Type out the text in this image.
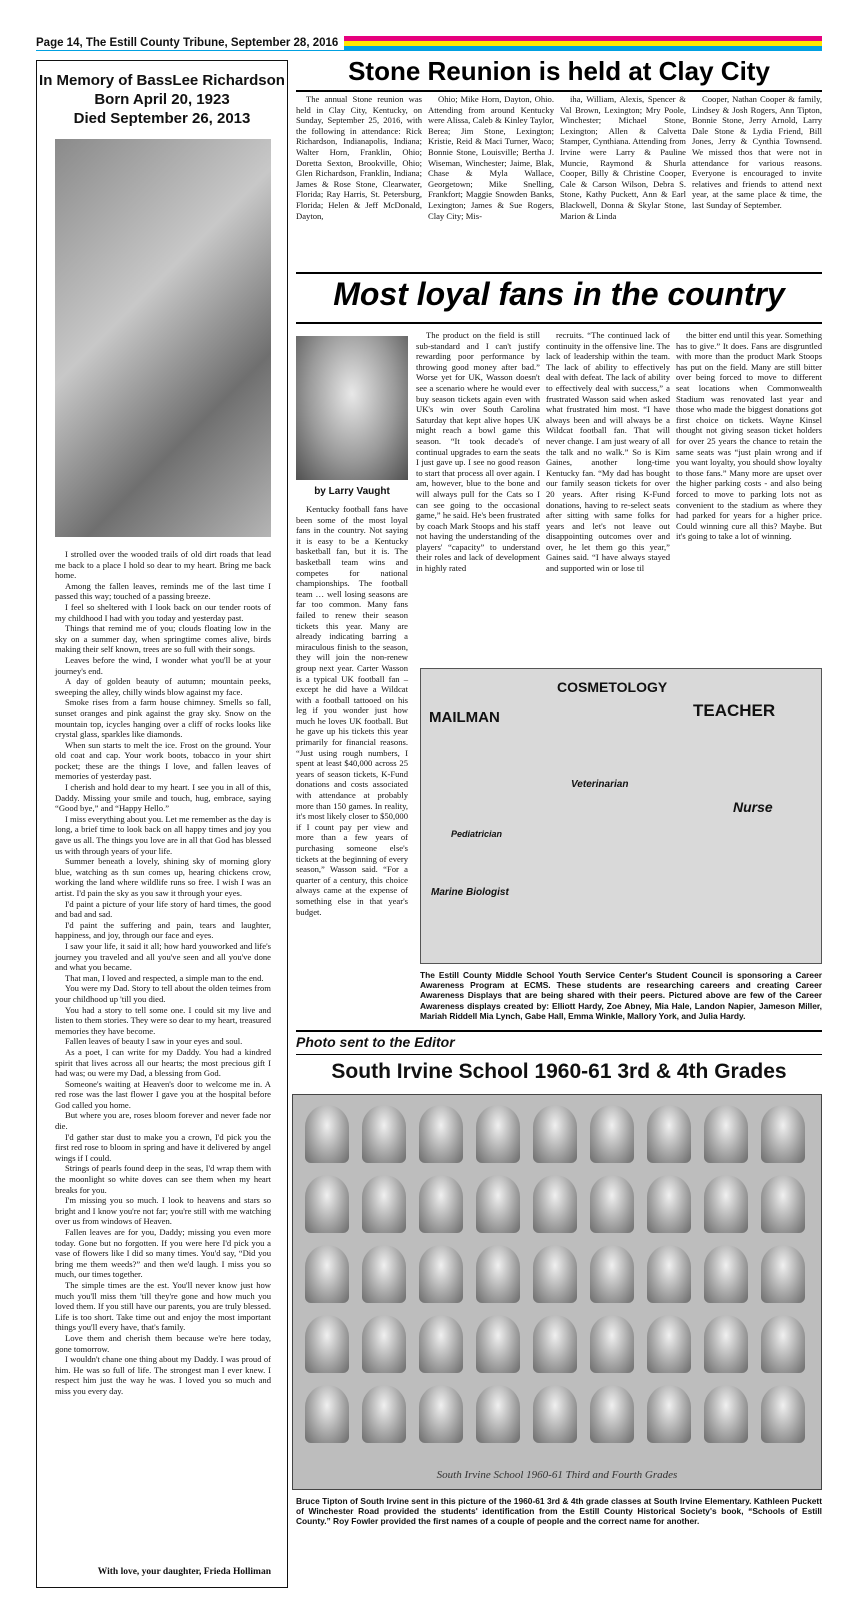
Page 14, The Estill County Tribune, September 28, 2016
In Memory of BassLee Richardson
Born April 20, 1923
Died September 26, 2013

I strolled over the wooded trails of old dirt roads that lead me back to a place I hold so dear to my heart. Bring me back home.

Among the fallen leaves, reminds me of the last time I passed this way; touched of a passing breeze.

I feel so sheltered with I look back on our tender roots of my childhood I had with you today and yesterday past.

Things that remind me of you; clouds floating low in the sky on a summer day, when springtime comes alive, birds making their self known, trees are so full with their songs.

Leaves before the wind, I wonder what you'll be at your journey's end.

A day of golden beauty of autumn; mountain peeks, sweeping the alley, chilly winds blow against my face.

Smoke rises from a farm house chimney. Smells so fall, sunset oranges and pink against the gray sky. Snow on the mountain top, icycles hanging over a cliff of rocks looks like crystal glass, sparkles like diamonds.

When sun starts to melt the ice. Frost on the ground. Your old coat and cap. Your work boots, tobacco in your shirt pocket; these are the things I love, and fallen leaves of memories of yesterday past.

I cherish and hold dear to my heart. I see you in all of this, Daddy. Missing your smile and touch, hug, embrace, saying “Good bye,” and “Happy Hello.”

I miss everything about you. Let me remember as the day is long, a brief time to look back on all happy times and joy you gave us all. The things you love are in all that God has blessed us with through years of your life.

Summer beneath a lovely, shining sky of morning glory blue, watching as th sun comes up, hearing chickens crow, working the land where wildlife runs so free. I wish I was an artist. I'd pain the sky as you saw it through your eyes.

I'd paint a picture of your life story of hard times, the good and bad and sad.

I'd paint the suffering and pain, tears and laughter, happiness, and joy, through our face and eyes.

I saw your life, it said it all; how hard youworked and life's journey you traveled and all you've seen and all you've done and what you became.

That man, I loved and respected, a simple man to the end.

You were my Dad. Story to tell about the olden teimes from your childhood up 'till you died.

You had a story to tell some one. I could sit my live and listen to them stories. They were so dear to my heart, treasured memories they have become.

Fallen leaves of beauty I saw in your eyes and soul.

As a poet, I can write for my Daddy. You had a kindred spirit that lives across all our hearts; the most precious gift I had was; ou were my Dad, a blessing from God.

Someone's waiting at Heaven's door to welcome me in. A red rose was the last flower I gave you at the hospital before God called you home.

But where you are, roses bloom forever and never fade nor die.

I'd gather star dust to make you a crown, I'd pick you the first red rose to bloom in spring and have it delivered by angel wings if I could.

Strings of pearls found deep in the seas, I'd wrap them with the moonlight so white doves can see them when my heart breaks for you.

I'm missing you so much. I look to heavens and stars so bright and I know you're not far; you're still with me watching over us from windows of Heaven.

Fallen leaves are for you, Daddy; missing you even more today. Gone but no forgotten. If you were here I'd pick you a vase of flowers like I did so many times. You'd say, “Did you bring me them weeds?” and then we'd laugh. I miss you so much, our times together.

The simple times are the est. You'll never know just how much you'll miss them 'till they're gone and how much you loved them. If you still have our parents, you are truly blessed. Life is too short. Take time out and enjoy the most important things you'll every have, that's family.

Love them and cherish them because we're here today, gone tomorrow.

I wouldn't chane one thing about my Daddy. I was proud of him. He was so full of life. The strongest man I ever knew. I respect him just the way he was. I loved you so much and miss you every day.

With love, your daughter, Frieda Holliman
Stone Reunion is held at Clay City

The annual Stone reunion was held in Clay City, Kentucky, on Sunday, September 25, 2016, with the following in attendance: Rick Richardson, Indianapolis, Indiana; Walter Horn, Franklin, Ohio; Doretta Sexton, Brookville, Ohio; Glen Richardson, Franklin, Indiana; James & Rose Stone, Clearwater, Florida; Ray Harris, St. Petersburg, Florida; Helen & Jeff McDonald, Dayton,

Ohio; Mike Horn, Dayton, Ohio. Attending from around Kentucky were Alissa, Caleb & Kinley Taylor, Berea; Jim Stone, Lexington; Kristie, Reid & Maci Turner, Waco; Bonnie Stone, Louisville; Bertha J. Wiseman, Winchester; Jaime, Blak, Chase & Myla Wallace, Georgetown; Mike Snelling, Frankfort; Maggie Snowden Banks, Lexington; James & Sue Rogers, Clay City; Mis-

iha, William, Alexis, Spencer & Val Brown, Lexington; Mry Poole, Winchester; Michael Stone, Lexington; Allen & Calvetta Stamper, Cynthiana. Attending from Irvine were Larry & Pauline Muncie, Raymond & Shurla Cooper, Billy & Christine Cooper, Cale & Carson Wilson, Debra S. Stone, Kathy Puckett, Ann & Earl Blackwell, Donna & Skylar Stone, Marion & Linda

Cooper, Nathan Cooper & family, Lindsey & Josh Rogers, Ann Tipton, Bonnie Stone, Jerry Arnold, Larry Dale Stone & Lydia Friend, Bill Jones, Jerry & Cynthia Townsend. We missed thos that were not in attendance for various reasons. Everyone is encouraged to invite relatives and friends to attend next year, at the same place & time, the last Sunday of September.

Most loyal fans in the country
by Larry Vaught

Kentucky football fans have been some of the most loyal fans in the country. Not saying it is easy to be a Kentucky basketball fan, but it is. The basketball team wins and competes for national championships. The football team … well losing seasons are far too common. Many fans failed to renew their season tickets this year. Many are already indicating barring a miraculous finish to the season, they will join the non-renew group next year. Carter Wasson is a typical UK football fan – except he did have a Wildcat with a football tattooed on his leg if you wonder just how much he loves UK football. But he gave up his tickets this year primarily for financial reasons. “Just using rough numbers, I spent at least $40,000 across 25 years of season tickets, K-Fund donations and costs associated with attendance at probably more than 150 games. In reality, it's most likely closer to $50,000 if I count pay per view and more than a few years of purchasing someone else's tickets at the beginning of every season,” Wasson said. “For a quarter of a century, this choice always came at the expense of something else in that year's budget.

The product on the field is still sub-standard and I can't justify rewarding poor performance by throwing good money after bad.” Worse yet for UK, Wasson doesn't see a scenario where he would ever buy season tickets again even with UK's win over South Carolina Saturday that kept alive hopes UK might reach a bowl game this season. “It took decade's of continual upgrades to earn the seats I just gave up. I see no good reason to start that process all over again. I am, however, blue to the bone and will always pull for the Cats so I can see going to the occasional game,” he said. He's been frustrated by coach Mark Stoops and his staff not having the understanding of the players' “capacity” to understand their roles and lack of development in highly rated

recruits. “The continued lack of continuity in the offensive line. The lack of leadership within the team. The lack of ability to effectively deal with defeat. The lack of ability to effectively deal with success,” a frustrated Wasson said when asked what frustrated him most. “I have always been and will always be a Wildcat football fan. That will never change. I am just weary of all the talk and no walk.” So is Kim Gaines, another long-time Kentucky fan. “My dad has bought our family season tickets for over 20 years. After rising K-Fund donations, having to re-select seats after sitting with same folks for years and let's not leave out disappointing outcomes over and over, he let them go this year,” Gaines said. “I have always stayed and supported win or lose til

the bitter end until this year. Something has to give.” It does. Fans are disgruntled with more than the product Mark Stoops has put on the field. Many are still bitter over being forced to move to different seat locations when Commonwealth Stadium was renovated last year and those who made the biggest donations got first choice on tickets. Wayne Kinsel thought not giving season ticket holders for over 25 years the chance to retain the same seats was “just plain wrong and if you want loyalty, you should show loyalty to those fans.” Many more are upset over the higher parking costs - and also being forced to move to parking lots not as convenient to the stadium as where they had parked for years for a higher price. Could winning cure all this? Maybe. But it's going to take a lot of winning.

MAILMAN
COSMETOLOGY
TEACHER
Nurse
Marine Biologist
Veterinarian
Pediatrician
The Estill County Middle School Youth Service Center's Student Council is sponsoring a Career Awareness Program at ECMS. These students are researching careers and creating Career Awareness Displays that are being shared with their peers. Pictured above are few of the Career Awareness displays created by: Elliott Hardy, Zoe Abney, Mia Hale, Landon Napier, Jameson Miller, Mariah Riddell Mia Lynch, Gabe Hall, Emma Winkle, Mallory York, and Julia Hardy.
Photo sent to the Editor
South Irvine School 1960-61 3rd & 4th Grades
South Irvine School 1960-61 Third and Fourth Grades
Bruce Tipton of South Irvine sent in this picture of the 1960-61 3rd & 4th grade classes at South Irvine Elementary. Kathleen Puckett of Winchester Road provided the students' identification from the Estill County Historical Society's book, “Schools of Estill County.” Roy Fowler provided the first names of a couple of people and the correct name for another.
